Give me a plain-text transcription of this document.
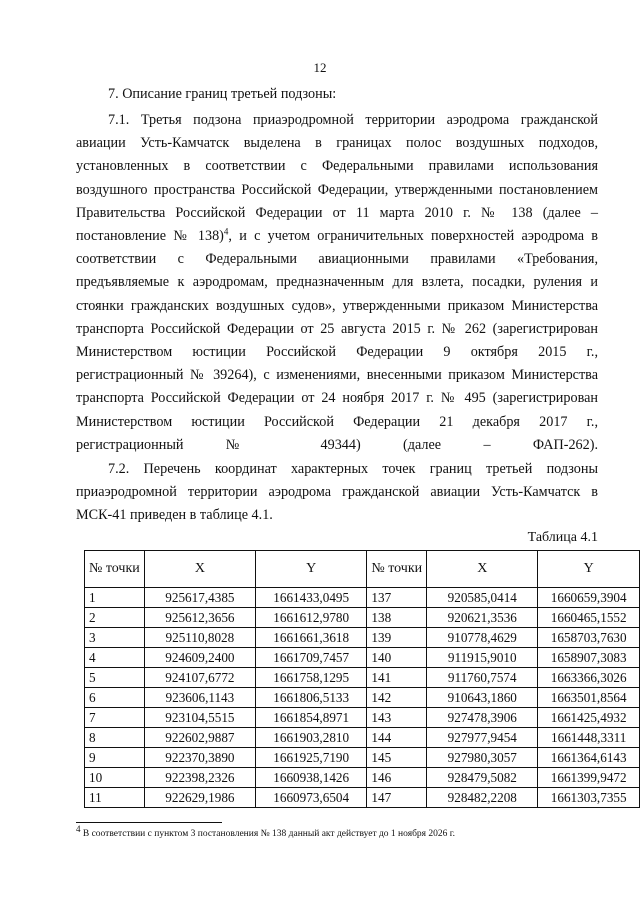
12
7. Описание границ третьей подзоны:

7.1. Третья подзона приаэродромной территории аэродрома гражданской

авиации Усть-Камчатск выделена в границах полос воздушных подходов,

установленных в соответствии с Федеральными правилами использования

воздушного пространства Российской Федерации, утвержденными постановлением

Правительства Российской Федерации от 11 марта 2010 г. № 138 (далее –

постановление № 138)$^4$, и с учетом ограничительных поверхностей аэродрома в

соответствии с Федеральными авиационными правилами «Требования,

предъявляемые к аэродромам, предназначенным для взлета, посадки, руления и

стоянки гражданских воздушных судов», утвержденными приказом Министерства

транспорта Российской Федерации от 25 августа 2015 г. № 262 (зарегистрирован

Министерством юстиции Российской Федерации 9 октября 2015 г.,

регистрационный № 39264), с изменениями, внесенными приказом Министерства

транспорта Российской Федерации от 24 ноября 2017 г. № 495 (зарегистрирован

Министерством юстиции Российской Федерации 21 декабря 2017 г.,

регистрационный № 49344) (далее – ФАП-262).

7.2. Перечень координат характерных точек границ третьей подзоны

приаэродромной территории аэродрома гражданской авиации Усть-Камчатск в

МСК-41 приведен в таблице 4.1.

Таблица 4.1
№ точки	X	Y	№ точки	X	Y
1	925617,4385	1661433,0495	137	920585,0414	1660659,3904
2	925612,3656	1661612,9780	138	920621,3536	1660465,1552
3	925110,8028	1661661,3618	139	910778,4629	1658703,7630
4	924609,2400	1661709,7457	140	911915,9010	1658907,3083
5	924107,6772	1661758,1295	141	911760,7574	1663366,3026
6	923606,1143	1661806,5133	142	910643,1860	1663501,8564
7	923104,5515	1661854,8971	143	927478,3906	1661425,4932
8	922602,9887	1661903,2810	144	927977,9454	1661448,3311
9	922370,3890	1661925,7190	145	927980,3057	1661364,6143
10	922398,2326	1660938,1426	146	928479,5082	1661399,9472
11	922629,1986	1660973,6504	147	928482,2208	1661303,7355
$^4$ В соответствии с пунктом 3 постановления № 138 данный акт действует до 1 ноября 2026 г.
